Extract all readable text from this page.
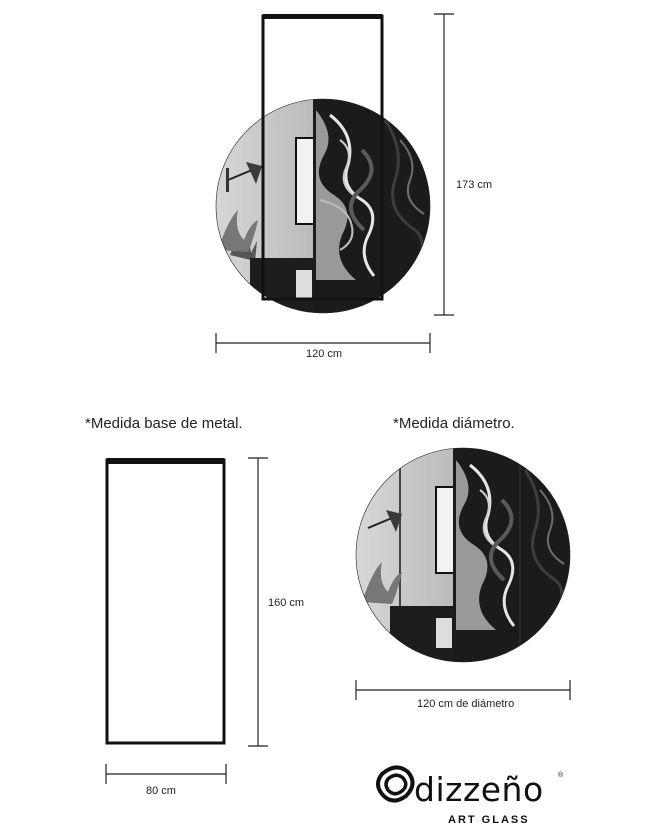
173 cm
120 cm
*Medida base de metal.	*Medida diámetro.
160 cm
80 cm
120 cm de diámetro
dizzeño ®
ART GLASS
